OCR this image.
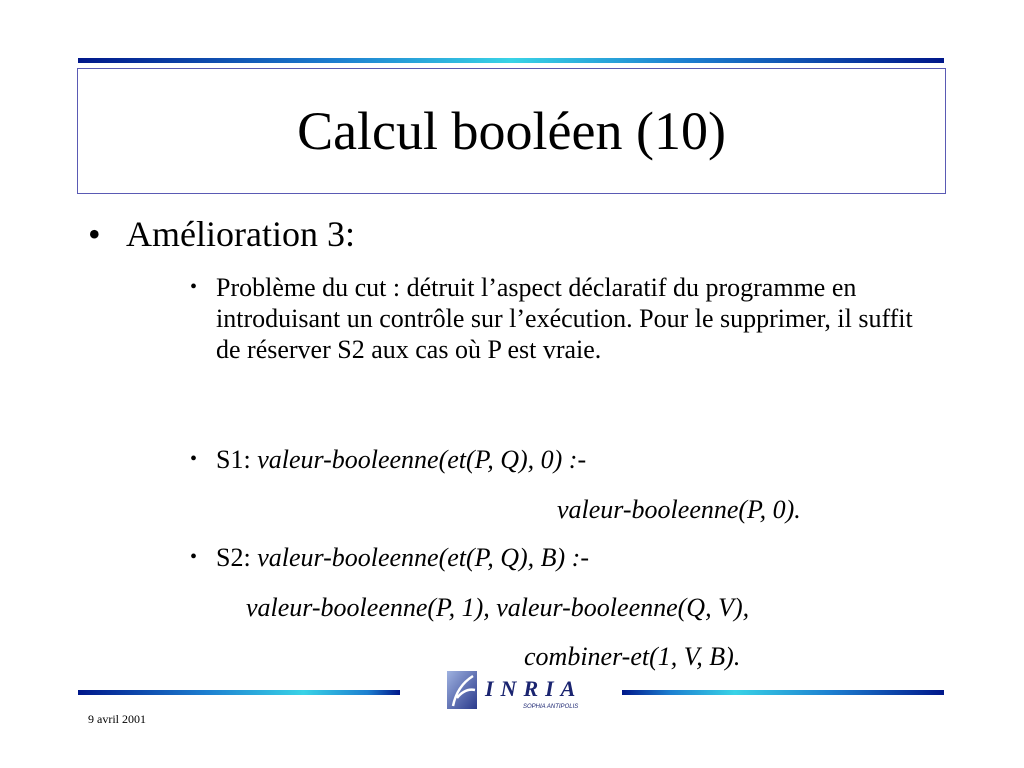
Calcul booléen (10)
• Amélioration 3:
• Problème du cut : détruit l’aspect déclaratif du programme en introduisant un contrôle sur l’exécution. Pour le supprimer, il suffit de réserver S2 aux cas où P est vraie.
• S1: valeur-booleenne(et(P, Q), 0) :-
valeur-booleenne(P, 0).
• S2: valeur-booleenne(et(P, Q), B) :-
valeur-booleenne(P, 1), valeur-booleenne(Q, V),
combiner-et(1, V, B).
INRIA
SOPHIA ANTIPOLIS
9 avril 2001
